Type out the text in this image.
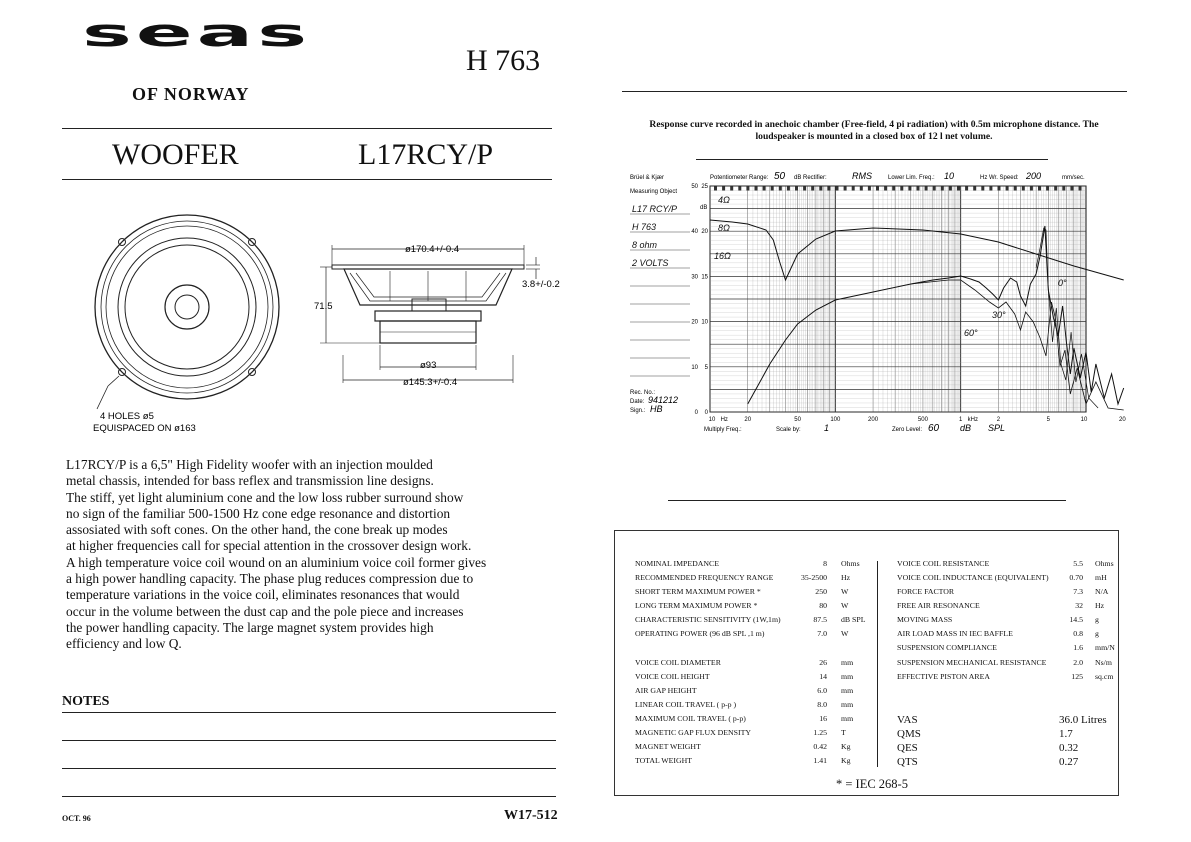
seas
OF NORWAY
H 763
WOOFER	L17RCY/P
4 HOLES ø5
EQUISPACED ON ø163
ø170.4+/-0.4
3.8+/-0.2
71.5
ø93
ø145.3+/-0.4
L17RCY/P is a 6,5" High Fidelity woofer with an injection moulded
metal chassis, intended for bass reflex and transmission line designs.
The stiff, yet light aluminium cone and the low loss rubber surround show
no sign of the familiar 500-1500 Hz cone edge resonance and distortion
assosiated with soft cones. On the other hand, the cone break up modes
at higher frequencies call for special attention in the crossover design work.
A high temperature voice coil wound on an aluminium voice coil former gives
a high power handling capacity. The phase plug reduces compression due to
temperature variations in the voice coil, eliminates resonances that would
occur in the volume between the dust cap and the pole piece and increases
the power handling capacity. The large magnet system provides high
efficiency and low Q.
NOTES
OCT. 96	W17-512
Response curve recorded in anechoic chamber (Free-field, 4 pi radiation) with 0.5m microphone distance. The loudspeaker is mounted in a closed box of 12 l net volume.
Brüel & Kjær	Potentiometer Range: 50 dB Rectifier:	RMS	Lower Lim. Freq.: 10	Hz Wr. Speed: 200	mm/sec.
Measuring Object
L17 RCY/P
H 763
8 ohm
2 VOLTS
Rec. No.:
Date: 941212
Sign.: HB
Multiply Freq.:	Scale by:	1	Zero Level: 60 dB SPL
50
40
30
20
10
0
25
20
15
10
5
0
dB
10 Hz	20	50	100	200	500	1 kHz	2	5	10	20
4Ω
8Ω
16Ω
0°
30°
60°
NOMINAL IMPEDANCE	8 Ohms
RECOMMENDED FREQUENCY RANGE	35-2500 Hz
SHORT TERM MAXIMUM POWER *	250 W
LONG TERM MAXIMUM POWER *	80 W
CHARACTERISTIC SENSITIVITY (1W,1m)	87.5 dB SPL
OPERATING POWER (96 dB SPL ,1 m)	7.0 W
VOICE COIL DIAMETER	26 mm
VOICE COIL HEIGHT	14 mm
AIR GAP HEIGHT	6.0 mm
LINEAR COIL TRAVEL ( p-p )	8.0 mm
MAXIMUM COIL TRAVEL ( p-p)	16 mm
MAGNETIC GAP FLUX DENSITY	1.25 T
MAGNET WEIGHT	0.42 Kg
TOTAL WEIGHT	1.41 Kg
VOICE COIL RESISTANCE	5.5 Ohms
VOICE COIL INDUCTANCE (EQUIVALENT)	0.70 mH
FORCE FACTOR	7.3 N/A
FREE AIR RESONANCE	32 Hz
MOVING MASS	14.5 g
AIR LOAD MASS IN IEC BAFFLE	0.8 g
SUSPENSION COMPLIANCE	1.6 mm/N
SUSPENSION MECHANICAL RESISTANCE	2.0 Ns/m
EFFECTIVE PISTON AREA	125 sq.cm
VAS	36.0 Litres
QMS	1.7
QES	0.32
QTS	0.27
* = IEC 268-5
